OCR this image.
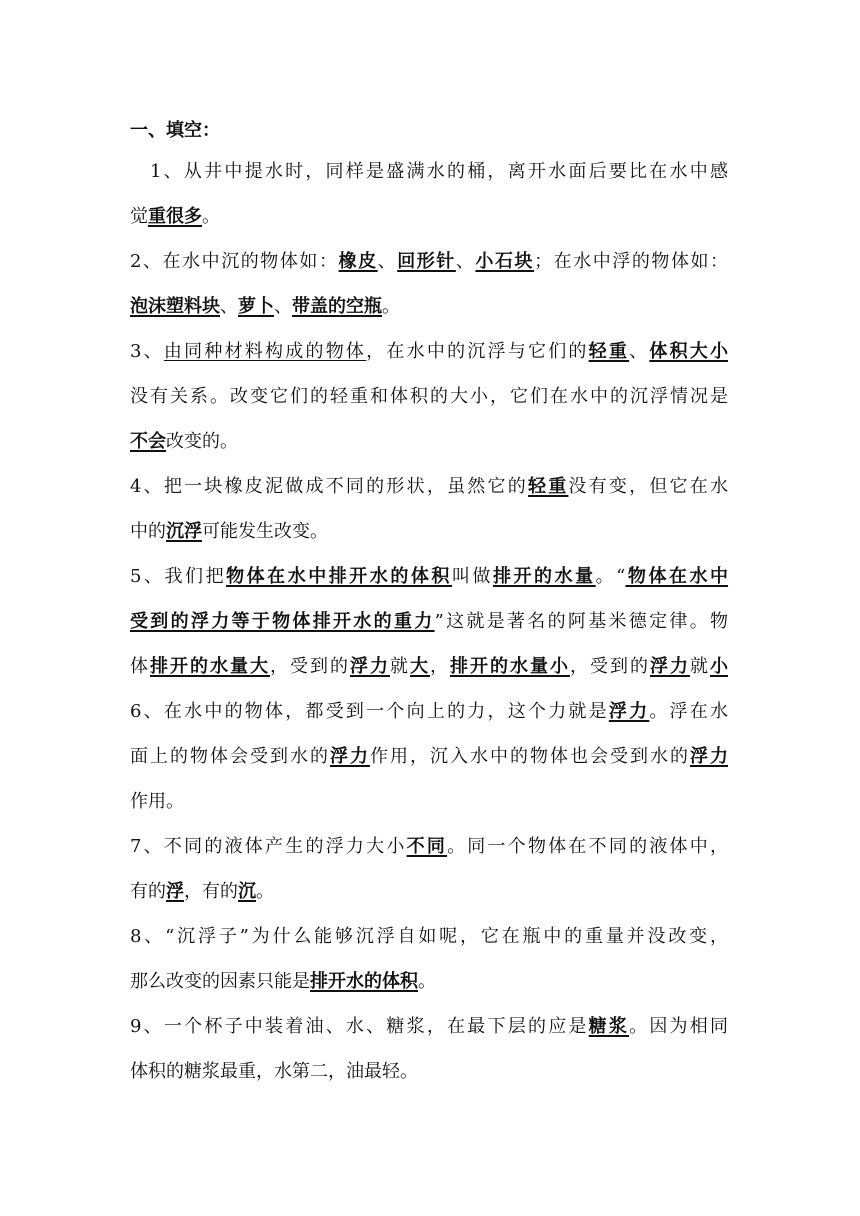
一、填空：
1、从井中提水时，同样是盛满水的桶，离开水面后要比在水中感
觉重很多。
2、在水中沉的物体如：橡皮、回形针、小石块；在水中浮的物体如：
泡沫塑料块、萝卜、带盖的空瓶。
3、由同种材料构成的物体，在水中的沉浮与它们的轻重、体积大小
没有关系。改变它们的轻重和体积的大小，它们在水中的沉浮情况是
不会改变的。
4、把一块橡皮泥做成不同的形状，虽然它的轻重没有变，但它在水
中的沉浮可能发生改变。
5、我们把物体在水中排开水的体积叫做排开的水量。“物体在水中
受到的浮力等于物体排开水的重力”这就是著名的阿基米德定律。物
体排开的水量大，受到的浮力就大，排开的水量小，受到的浮力就小
6、在水中的物体，都受到一个向上的力，这个力就是浮力。浮在水
面上的物体会受到水的浮力作用，沉入水中的物体也会受到水的浮力
作用。
7、不同的液体产生的浮力大小不同。同一个物体在不同的液体中，
有的浮，有的沉。
8、“沉浮子”为什么能够沉浮自如呢，它在瓶中的重量并没改变，
那么改变的因素只能是排开水的体积。
9、一个杯子中装着油、水、糖浆，在最下层的应是糖浆。因为相同
体积的糖浆最重，水第二，油最轻。
